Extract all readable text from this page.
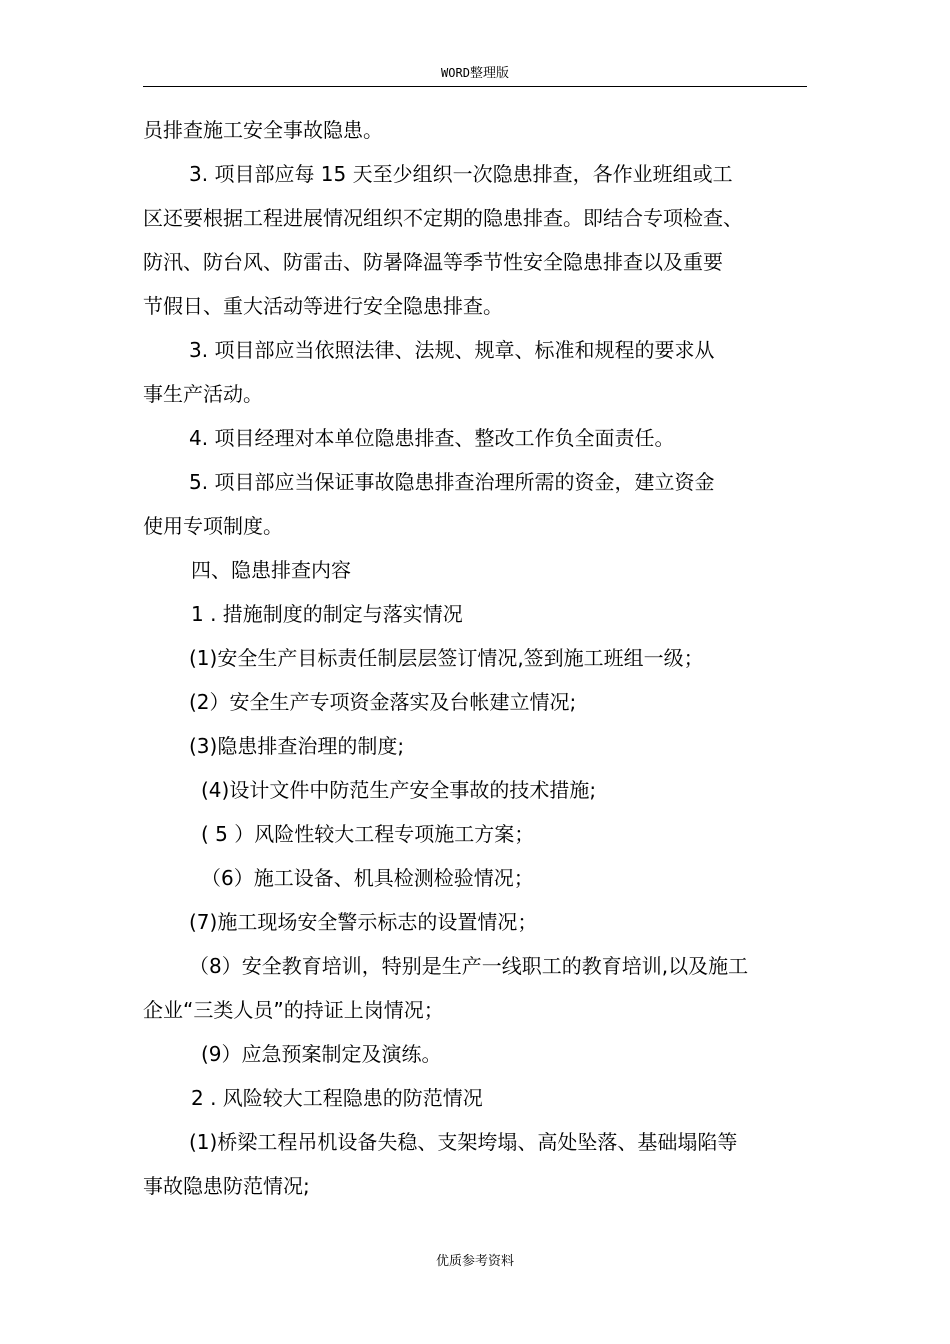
WORD整理版
员排查施工安全事故隐患。
3. 项目部应每 15 天至少组织一次隐患排查，各作业班组或工
区还要根据工程进展情况组织不定期的隐患排查。即结合专项检查、
防汛、防台风、防雷击、防暑降温等季节性安全隐患排查以及重要
节假日、重大活动等进行安全隐患排查。
3. 项目部应当依照法律、法规、规章、标准和规程的要求从
事生产活动。
4. 项目经理对本单位隐患排查、整改工作负全面责任。
5. 项目部应当保证事故隐患排查治理所需的资金，建立资金
使用专项制度。
四、隐患排查内容
1 . 措施制度的制定与落实情况
(1)安全生产目标责任制层层签订情况,签到施工班组一级；
(2）安全生产专项资金落实及台帐建立情况;
(3)隐患排查治理的制度;
(4)设计文件中防范生产安全事故的技术措施;
( 5 ）风险性较大工程专项施工方案；
（6）施工设备、机具检测检验情况；
(7)施工现场安全警示标志的设置情况；
（8）安全教育培训，特别是生产一线职工的教育培训,以及施工
企业“三类人员”的持证上岗情况；
(9）应急预案制定及演练。
2 . 风险较大工程隐患的防范情况
(1)桥梁工程吊机设备失稳、支架垮塌、高处坠落、基础塌陷等
事故隐患防范情况;
优质参考资料
